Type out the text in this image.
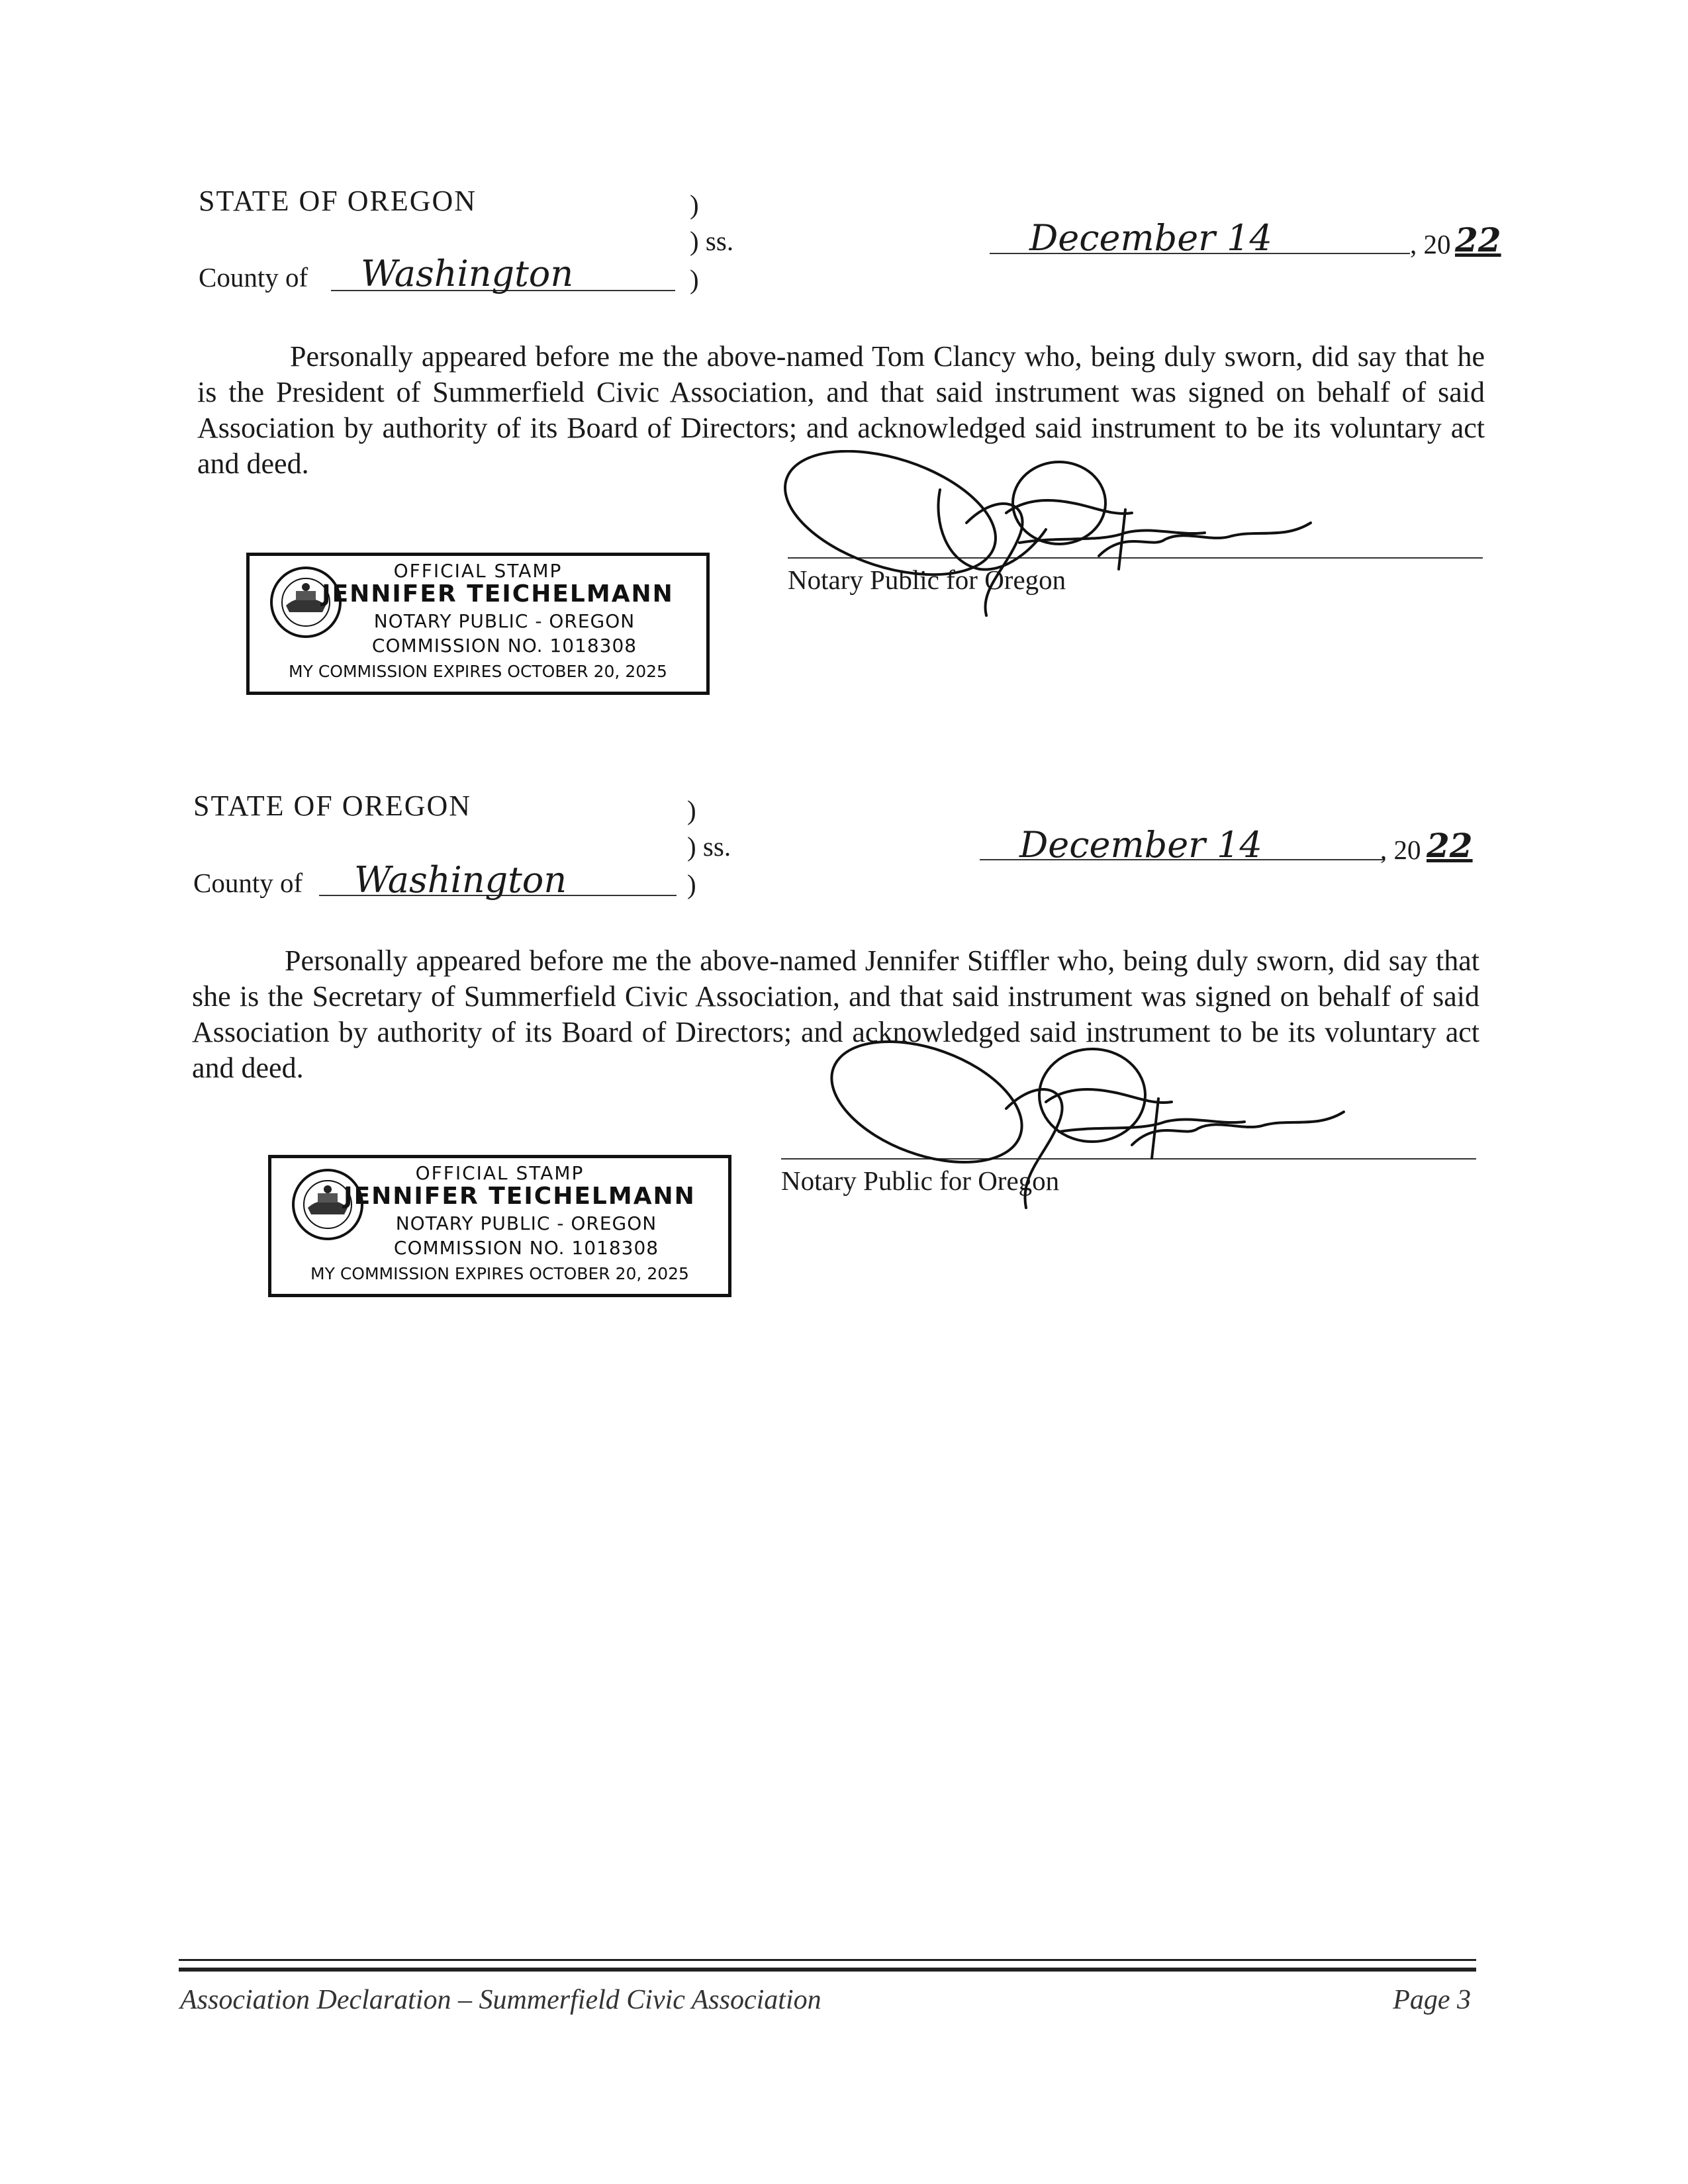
STATE OF OREGON	)
) ss.
County of Washington	)
December 14	, 20 22
Personally appeared before me the above-named Tom Clancy who, being duly sworn, did say that he is the President of Summerfield Civic Association, and that said instrument was signed on behalf of said Association by authority of its Board of Directors; and acknowledged said instrument to be its voluntary act and deed.
Notary Public for Oregon
OFFICIAL STAMP
JENNIFER TEICHELMANN
NOTARY PUBLIC - OREGON
COMMISSION NO. 1018308
MY COMMISSION EXPIRES OCTOBER 20, 2025
STATE OF OREGON	)
) ss.
County of Washington	)
December 14	, 20 22
Personally appeared before me the above-named Jennifer Stiffler who, being duly sworn, did say that she is the Secretary of Summerfield Civic Association, and that said instrument was signed on behalf of said Association by authority of its Board of Directors; and acknowledged said instrument to be its voluntary act and deed.
Notary Public for Oregon
OFFICIAL STAMP
JENNIFER TEICHELMANN
NOTARY PUBLIC - OREGON
COMMISSION NO. 1018308
MY COMMISSION EXPIRES OCTOBER 20, 2025
Association Declaration – Summerfield Civic Association	Page 3
